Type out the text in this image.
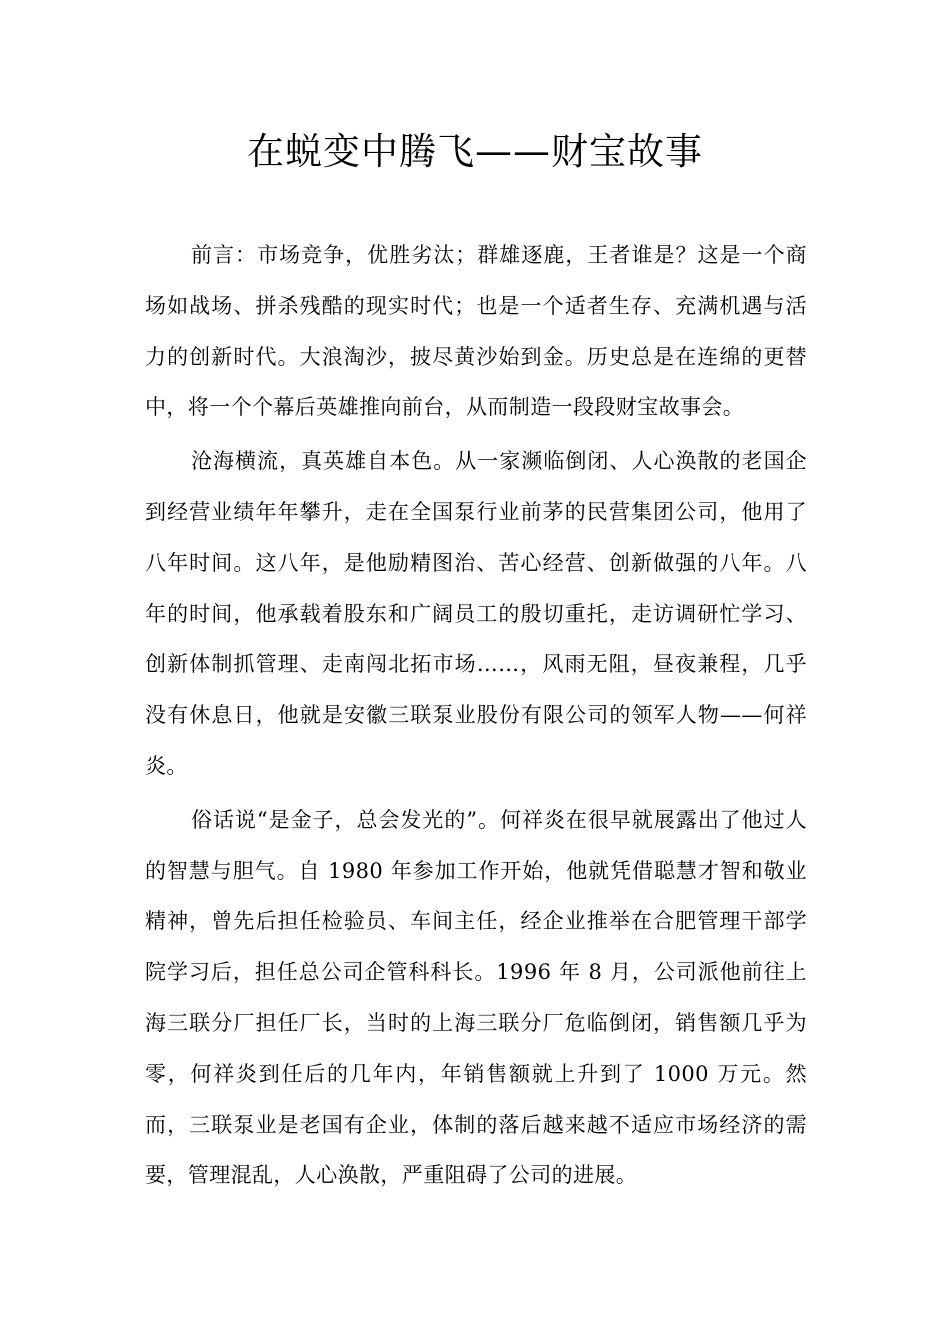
在蜕变中腾飞——财宝故事

前言：市场竞争，优胜劣汰；群雄逐鹿，王者谁是？这是一个商场如战场、拼杀残酷的现实时代；也是一个适者生存、充满机遇与活力的创新时代。大浪淘沙，披尽黄沙始到金。历史总是在连绵的更替中，将一个个幕后英雄推向前台，从而制造一段段财宝故事会。

沧海横流，真英雄自本色。从一家濒临倒闭、人心涣散的老国企到经营业绩年年攀升，走在全国泵行业前茅的民营集团公司，他用了八年时间。这八年，是他励精图治、苦心经营、创新做强的八年。八年的时间，他承载着股东和广阔员工的殷切重托，走访调研忙学习、创新体制抓管理、走南闯北拓市场……，风雨无阻，昼夜兼程，几乎没有休息日，他就是安徽三联泵业股份有限公司的领军人物——何祥炎。

俗话说“是金子，总会发光的”。何祥炎在很早就展露出了他过人的智慧与胆气。自 1980 年参加工作开始，他就凭借聪慧才智和敬业精神，曾先后担任检验员、车间主任，经企业推举在合肥管理干部学院学习后，担任总公司企管科科长。1996 年 8 月，公司派他前往上海三联分厂担任厂长，当时的上海三联分厂危临倒闭，销售额几乎为零，何祥炎到任后的几年内，年销售额就上升到了 1000 万元。然而，三联泵业是老国有企业，体制的落后越来越不适应市场经济的需要，管理混乱，人心涣散，严重阻碍了公司的进展。
